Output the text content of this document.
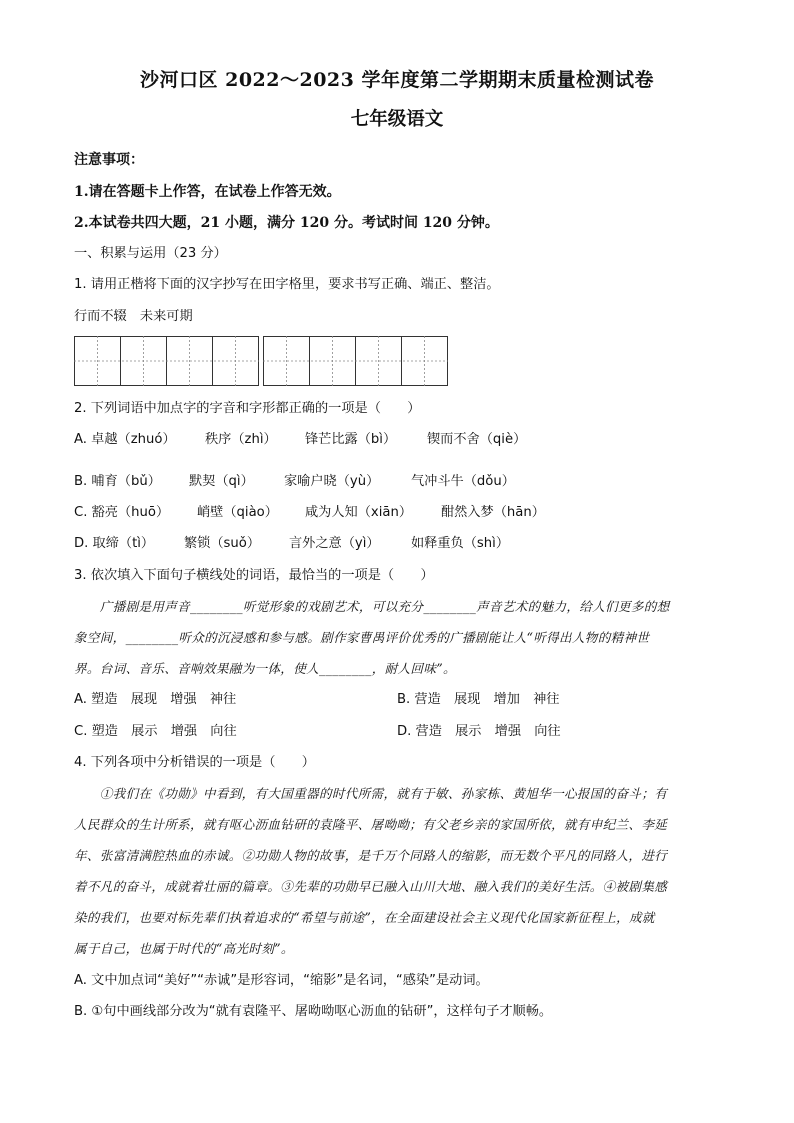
沙河口区 2022～2023 学年度第二学期期末质量检测试卷
七年级语文
注意事项：
1.请在答题卡上作答，在试卷上作答无效。
2.本试卷共四大题，21 小题，满分 120 分。考试时间 120 分钟。
一、积累与运用（23 分）
1. 请用正楷将下面的汉字抄写在田字格里，要求书写正确、端正、整洁。
行而不辍　未来可期
2. 下列词语中加点字的字音和字形都正确的一项是（　　）
A. 卓越（zhuó） 秩序（zhì） 锋芒比露（bì） 锲而不舍（qiè）
B. 哺育（bǔ） 默契（qì） 家喻户晓（yù） 气冲斗牛（dǒu）
C. 豁亮（huō） 峭壁（qiào） 咸为人知（xiān） 酣然入梦（hān）
D. 取缔（tì） 繁锁（suǒ） 言外之意（yì） 如释重负（shì）
3. 依次填入下面句子横线处的词语，最恰当的一项是（　　）
　　广播剧是用声音________听觉形象的戏剧艺术，可以充分________声音艺术的魅力，给人们更多的想
象空间，________听众的沉浸感和参与感。剧作家曹禺评价优秀的广播剧能让人“听得出人物的精神世
界。台词、音乐、音响效果融为一体，使人________，耐人回味”。
A. 塑造　展现　增强　神往	B. 营造　展现　增加　神往
C. 塑造　展示　增强　向往	D. 营造　展示　增强　向往
4. 下列各项中分析错误的一项是（　　）
　　①我们在《功勋》中看到，有大国重器的时代所需，就有于敏、孙家栋、黄旭华一心报国的奋斗；有
人民群众的生计所系，就有呕心沥血钻研的袁隆平、屠呦呦；有父老乡亲的家国所依，就有申纪兰、李延
年、张富清满腔热血的赤诚。②功勋人物的故事，是千万个同路人的缩影，而无数个平凡的同路人，进行
着不凡的奋斗，成就着壮丽的篇章。③先辈的功勋早已融入山川大地、融入我们的美好生活。④被剧集感
染的我们，也要对标先辈们执着追求的“希望与前途”，在全面建设社会主义现代化国家新征程上，成就
属于自己，也属于时代的“高光时刻”。
A. 文中加点词“美好”“赤诚”是形容词，“缩影”是名词，“感染”是动词。
B. ①句中画线部分改为“就有袁隆平、屠呦呦呕心沥血的钻研”，这样句子才顺畅。
